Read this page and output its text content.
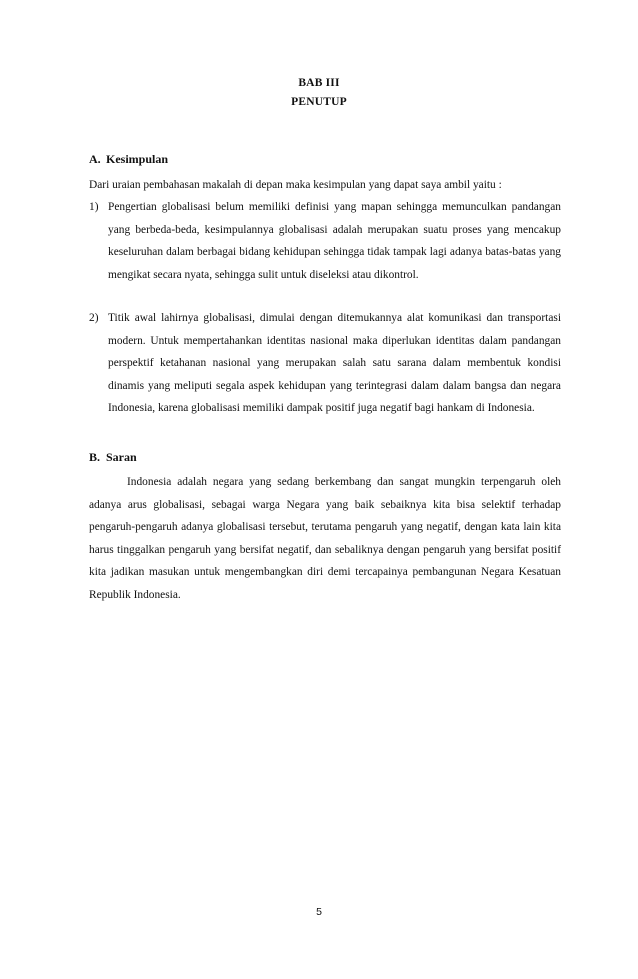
BAB III
PENUTUP
A. Kesimpulan
Dari uraian pembahasan makalah di depan maka kesimpulan yang dapat saya ambil yaitu :
1) Pengertian globalisasi belum memiliki definisi yang mapan sehingga memunculkan pandangan yang berbeda-beda, kesimpulannya globalisasi adalah merupakan suatu proses yang mencakup keseluruhan dalam berbagai bidang kehidupan sehingga tidak tampak lagi adanya batas-batas yang mengikat secara nyata, sehingga sulit untuk diseleksi atau dikontrol.
2) Titik awal lahirnya globalisasi, dimulai dengan ditemukannya alat komunikasi dan transportasi modern. Untuk mempertahankan identitas nasional maka diperlukan identitas dalam pandangan perspektif ketahanan nasional yang merupakan salah satu sarana dalam membentuk kondisi dinamis yang meliputi segala aspek kehidupan yang terintegrasi dalam dalam bangsa dan negara Indonesia, karena globalisasi memiliki dampak positif juga negatif bagi hankam di Indonesia.
B. Saran
Indonesia adalah negara yang sedang berkembang dan sangat mungkin terpengaruh oleh adanya arus globalisasi, sebagai warga Negara yang baik sebaiknya kita bisa selektif terhadap pengaruh-pengaruh adanya globalisasi tersebut, terutama pengaruh yang negatif, dengan kata lain kita harus tinggalkan pengaruh yang bersifat negatif, dan sebaliknya dengan pengaruh yang bersifat positif kita jadikan masukan untuk mengembangkan diri demi tercapainya pembangunan Negara Kesatuan Republik Indonesia.
5
